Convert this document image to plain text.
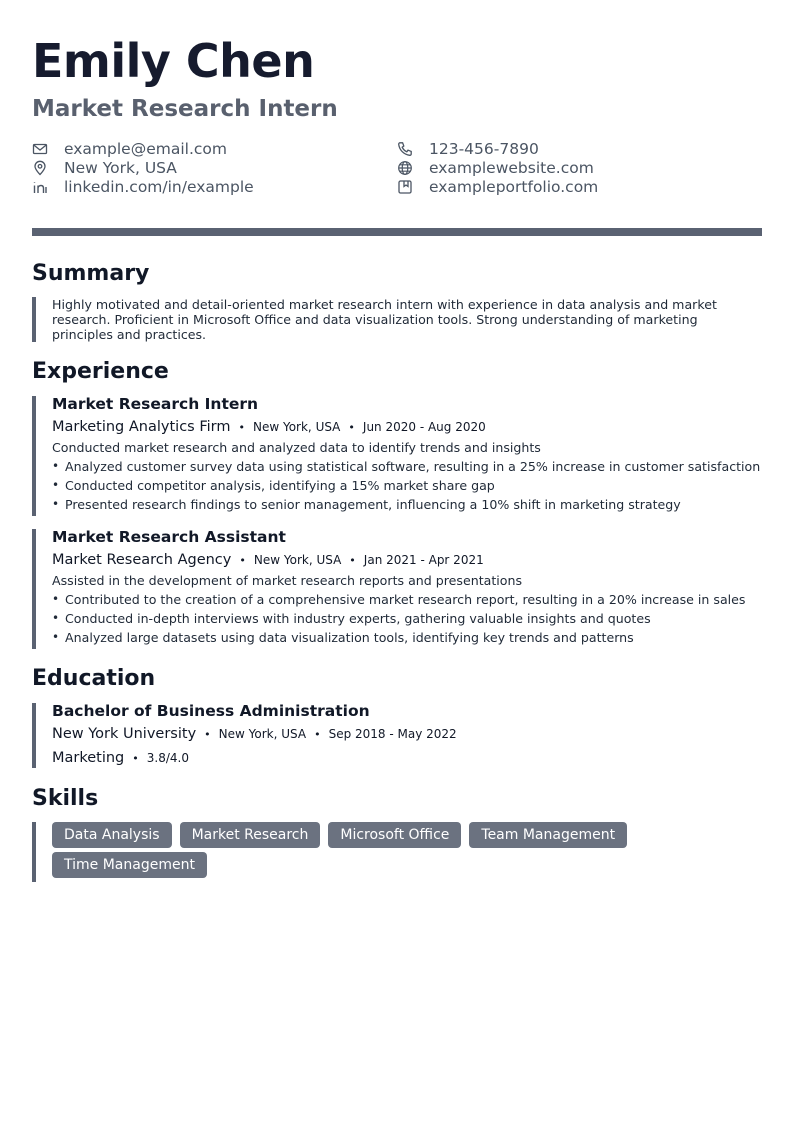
Emily Chen
Market Research Intern
example@email.com	123-456-7890
New York, USA	examplewebsite.com
linkedin.com/in/example	exampleportfolio.com
Summary

Highly motivated and detail-oriented market research intern with experience in data analysis and market research. Proficient in Microsoft Office and data visualization tools. Strong understanding of marketing principles and practices.

Experience
Market Research Intern
Marketing Analytics Firm • New York, USA • Jun 2020 - Aug 2020
Conducted market research and analyzed data to identify trends and insights
• Analyzed customer survey data using statistical software, resulting in a 25% increase in customer satisfaction
• Conducted competitor analysis, identifying a 15% market share gap
• Presented research findings to senior management, influencing a 10% shift in marketing strategy
Market Research Assistant
Market Research Agency • New York, USA • Jan 2021 - Apr 2021
Assisted in the development of market research reports and presentations
• Contributed to the creation of a comprehensive market research report, resulting in a 20% increase in sales
• Conducted in-depth interviews with industry experts, gathering valuable insights and quotes
• Analyzed large datasets using data visualization tools, identifying key trends and patterns
Education
Bachelor of Business Administration
New York University • New York, USA • Sep 2018 - May 2022
Marketing • 3.8/4.0
Skills
Data Analysis	Market Research	Microsoft Office	Team Management
Time Management
